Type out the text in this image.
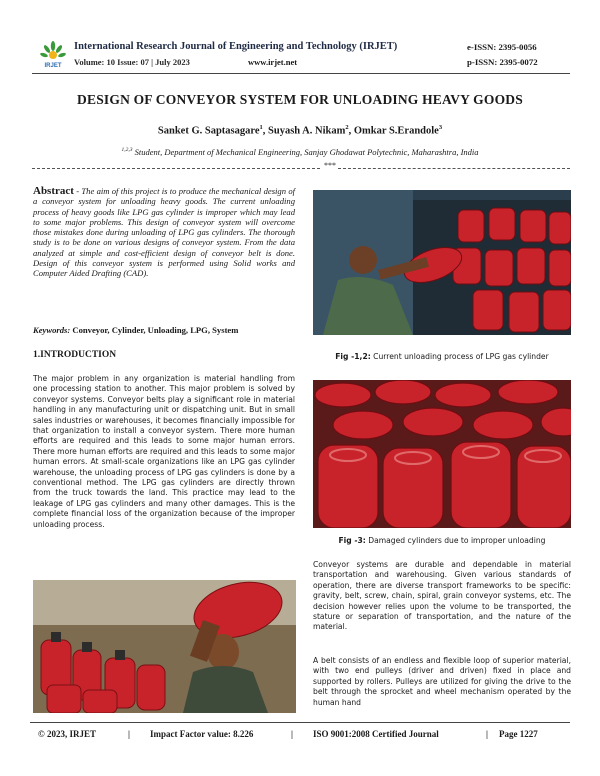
IRJET
International Research Journal of Engineering and Technology (IRJET)
Volume: 10 Issue: 07 | July 2023	www.irjet.net
e-ISSN: 2395-0056
p-ISSN: 2395-0072
DESIGN OF CONVEYOR SYSTEM FOR UNLOADING HEAVY GOODS
Sanket G. Saptasagare$^1$, Suyash A. Nikam$^2$, Omkar S.Erandole$^3$
$^{1,2,3}$ Student, Department of Mechanical Engineering, Sanjay Ghodawat Polytechnic, Maharashtra, India
***
Abstract - The aim of this project is to produce the mechanical design of a conveyor system for unloading heavy goods. The current unloading process of heavy goods like LPG gas cylinder is improper which may lead to some major problems. This design of conveyor system will overcome those mistakes done during unloading of LPG gas cylinders. The thorough study is to be done on various designs of conveyor system. From the data analyzed at simple and cost-efficient design of conveyor belt is done. Design of this conveyor system is performed using Solid works and Computer Aided Drafting (CAD).
Keywords: Conveyor, Cylinder, Unloading, LPG, System
1.INTRODUCTION
The major problem in any organization is material handling from one processing station to another. This major problem is solved by conveyor systems. Conveyor belts play a significant role in material handling in any manufacturing unit or dispatching unit. But in small sales industries or warehouses, it becomes financially impossible for that organization to install a conveyor system. There more human efforts are required and this leads to some major human errors. There more human efforts are required and this leads to some major human errors. At small-scale organizations like an LPG gas cylinder warehouse, the unloading process of LPG gas cylinders is done by a conventional method. The LPG gas cylinders are directly thrown from the truck towards the land. This practice may lead to the leakage of LPG gas cylinders and many other damages. This is the complete financial loss of the organization because of the improper unloading process.
Fig -1,2: Current unloading process of LPG gas cylinder
Fig -3: Damaged cylinders due to improper unloading
Conveyor systems are durable and dependable in material transportation and warehousing. Given various standards of operation, there are diverse transport frameworks to be specific: gravity, belt, screw, chain, spiral, grain conveyor systems, etc. The decision however relies upon the volume to be transported, the stature or separation of transportation, and the nature of the material.
A belt consists of an endless and flexible loop of superior material, with two end pulleys (driver and driven) fixed in place and supported by rollers. Pulleys are utilized for giving the drive to the belt through the sprocket and wheel mechanism operated by the human hand
© 2023, IRJET	| Impact Factor value: 8.226	| ISO 9001:2008 Certified Journal	| Page 1227
